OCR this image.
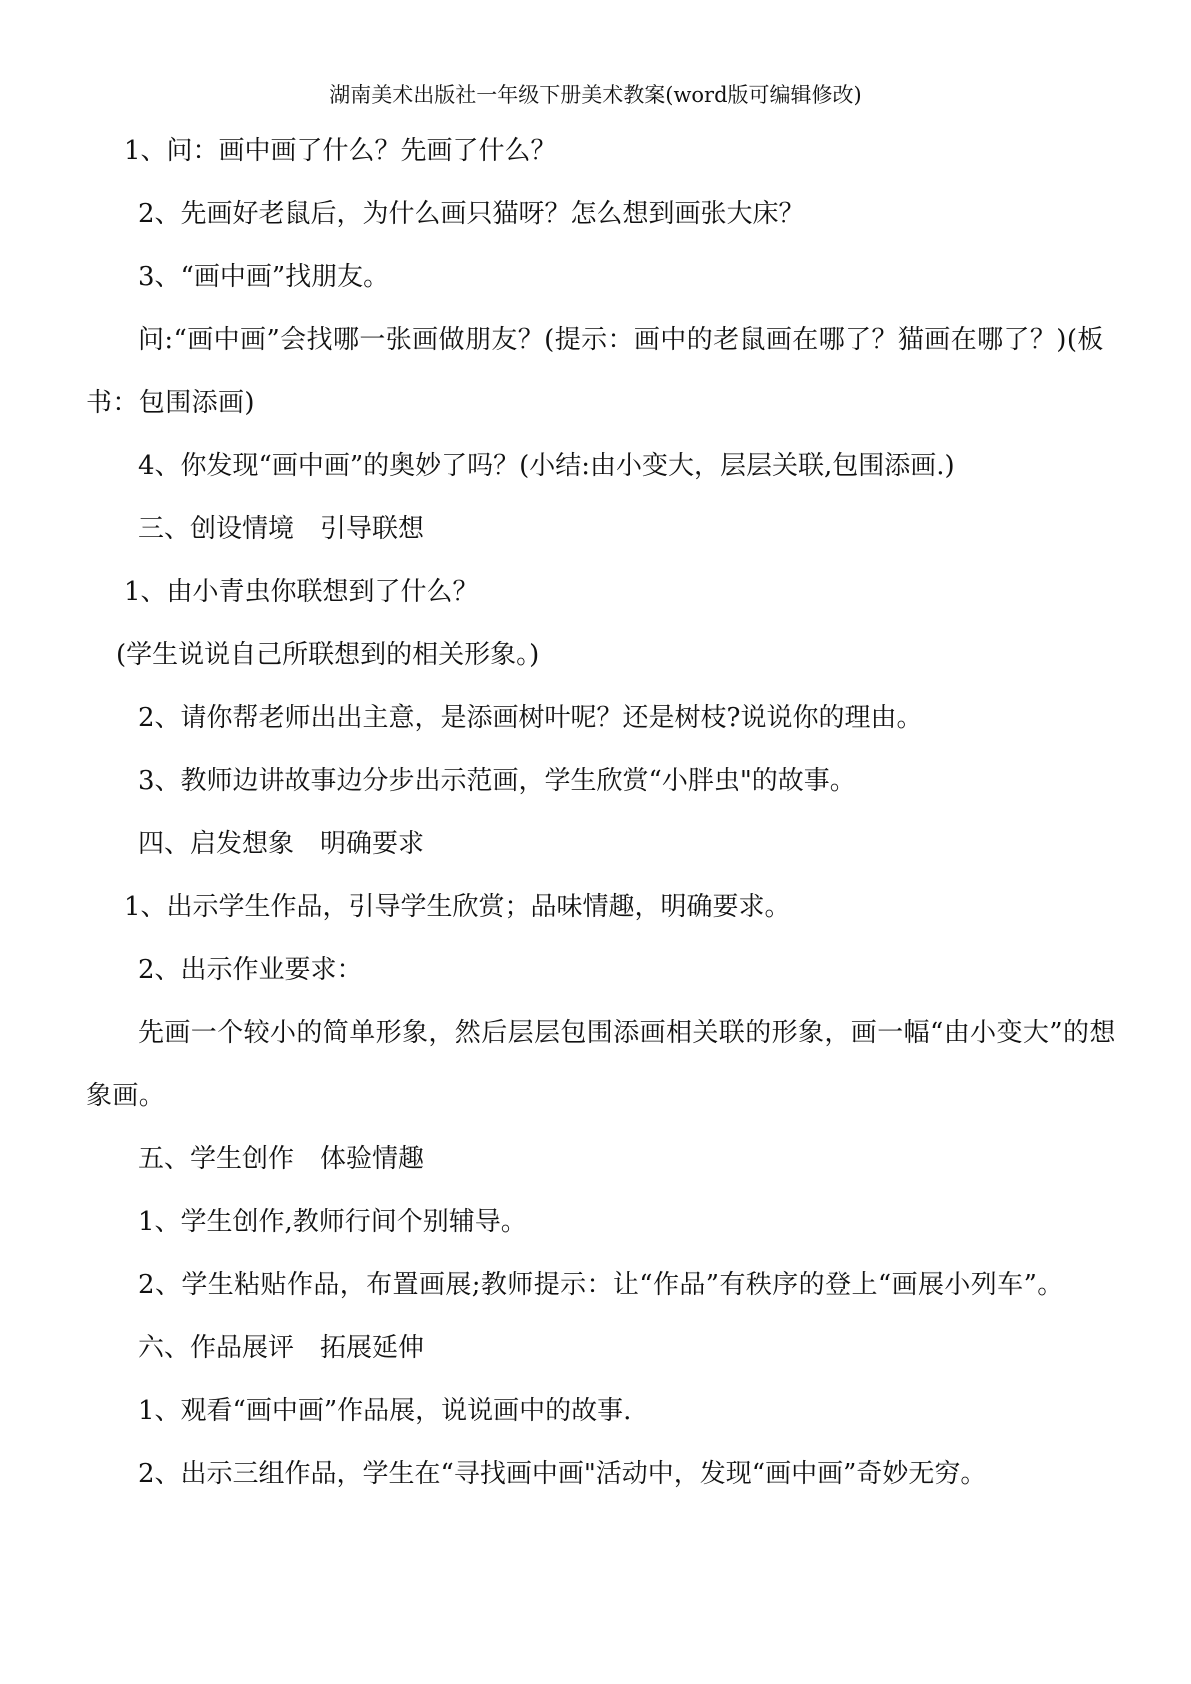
湖南美术出版社一年级下册美术教案(word版可编辑修改)

1、问：画中画了什么？先画了什么？

2、先画好老鼠后，为什么画只猫呀？怎么想到画张大床？

3、“画中画”找朋友。

问:“画中画”会找哪一张画做朋友？(提示：画中的老鼠画在哪了？猫画在哪了？)(板书：包围添画)

4、你发现“画中画”的奥妙了吗？(小结:由小变大，层层关联,包围添画.)

三、创设情境　引导联想

1、由小青虫你联想到了什么？

(学生说说自己所联想到的相关形象。)

2、请你帮老师出出主意，是添画树叶呢？还是树枝?说说你的理由。

3、教师边讲故事边分步出示范画，学生欣赏“小胖虫"的故事。

四、启发想象　明确要求

1、出示学生作品，引导学生欣赏；品味情趣，明确要求。

2、出示作业要求：

先画一个较小的简单形象，然后层层包围添画相关联的形象，画一幅“由小变大”的想象画。

五、学生创作　体验情趣

1、学生创作,教师行间个别辅导。

2、学生粘贴作品，布置画展;教师提示：让“作品”有秩序的登上“画展小列车”。

六、作品展评　拓展延伸

1、观看“画中画”作品展，说说画中的故事.

2、出示三组作品，学生在“寻找画中画"活动中，发现“画中画”奇妙无穷。
